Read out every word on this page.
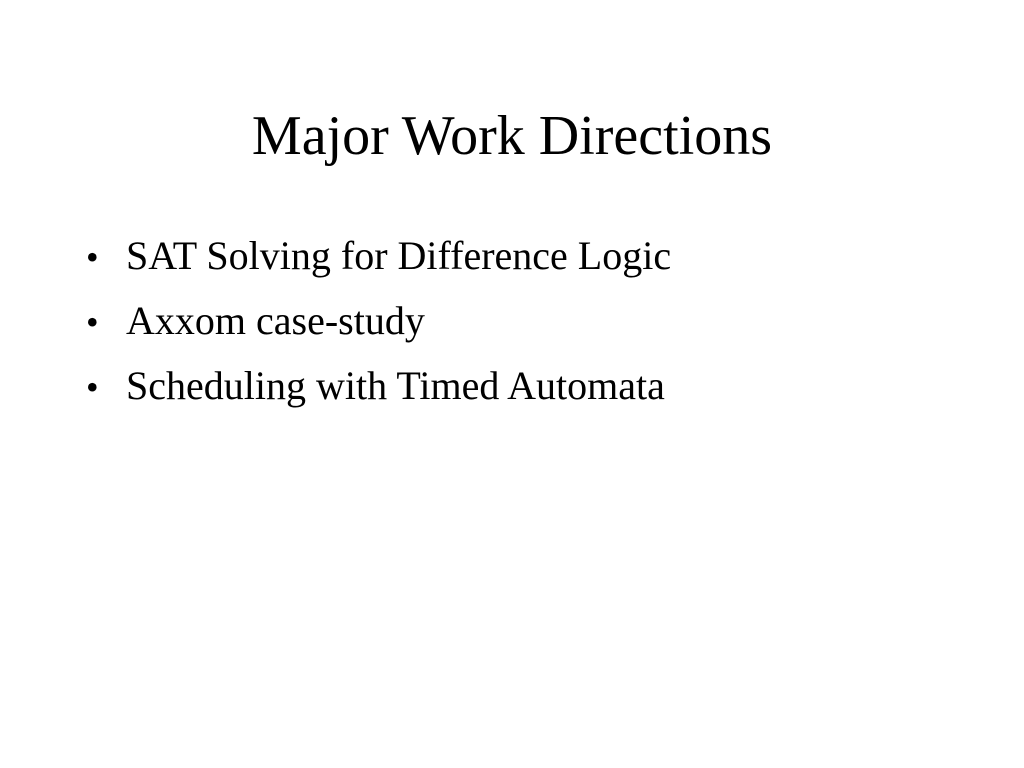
Major Work Directions
• SAT Solving for Difference Logic
• Axxom case-study
• Scheduling with Timed Automata
